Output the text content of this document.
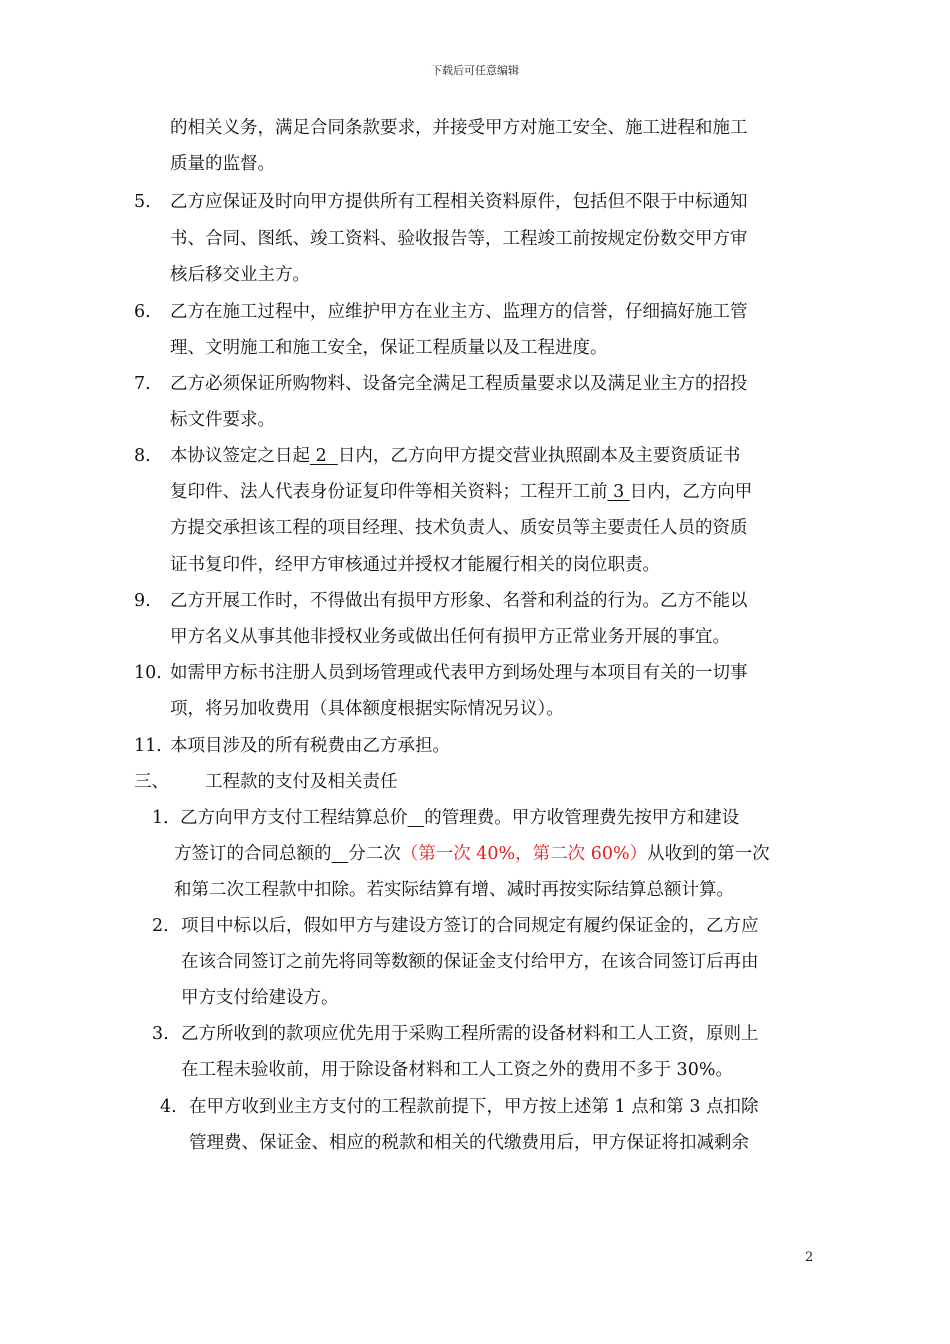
下载后可任意编辑
的相关义务，满足合同条款要求，并接受甲方对施工安全、施工进程和施工
质量的监督。
5. 乙方应保证及时向甲方提供所有工程相关资料原件，包括但不限于中标通知
书、合同、图纸、竣工资料、验收报告等，工程竣工前按规定份数交甲方审
核后移交业主方。
6. 乙方在施工过程中，应维护甲方在业主方、监理方的信誉，仔细搞好施工管
理、文明施工和施工安全，保证工程质量以及工程进度。
7. 乙方必须保证所购物料、设备完全满足工程质量要求以及满足业主方的招投
标文件要求。
8. 本协议签定之日起 2  日内，乙方向甲方提交营业执照副本及主要资质证书
复印件、法人代表身份证复印件等相关资料；工程开工前 3 日内，乙方向甲
方提交承担该工程的项目经理、技术负责人、质安员等主要责任人员的资质
证书复印件，经甲方审核通过并授权才能履行相关的岗位职责。
9. 乙方开展工作时，不得做出有损甲方形象、名誉和利益的行为。乙方不能以
甲方名义从事其他非授权业务或做出任何有损甲方正常业务开展的事宜。
10. 如需甲方标书注册人员到场管理或代表甲方到场处理与本项目有关的一切事
项，将另加收费用（具体额度根据实际情况另议）。
11. 本项目涉及的所有税费由乙方承担。
三、 工程款的支付及相关责任
1． 乙方向甲方支付工程结算总价 的管理费。甲方收管理费先按甲方和建设
方签订的合同总额的 分二次（第一次 40%，第二次 60%）从收到的第一次
和第二次工程款中扣除。若实际结算有增、减时再按实际结算总额计算。
2. 项目中标以后，假如甲方与建设方签订的合同规定有履约保证金的，乙方应
在该合同签订之前先将同等数额的保证金支付给甲方，在该合同签订后再由
甲方支付给建设方。
3. 乙方所收到的款项应优先用于采购工程所需的设备材料和工人工资，原则上
在工程未验收前，用于除设备材料和工人工资之外的费用不多于 30%。
4. 在甲方收到业主方支付的工程款前提下，甲方按上述第 1 点和第 3 点扣除
管理费、保证金、相应的税款和相关的代缴费用后，甲方保证将扣减剩余
2
